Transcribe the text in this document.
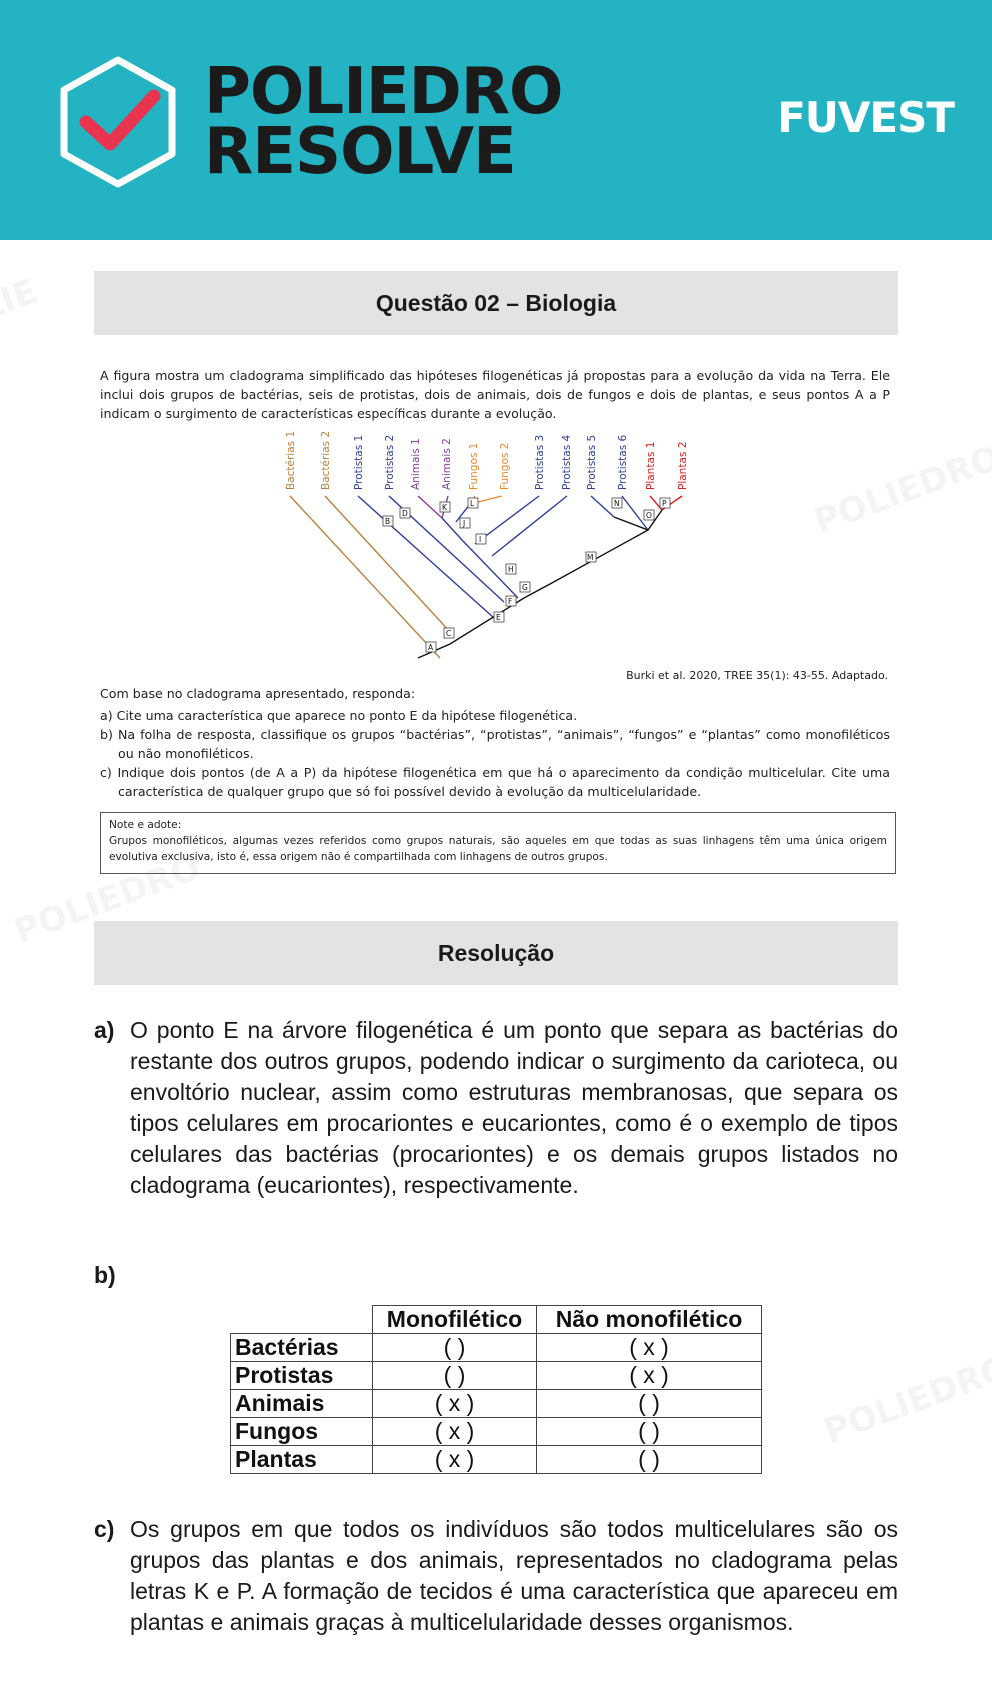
POLIEDRO
RESOLVE	FUVEST
Questão 02 – Biologia

A figura mostra um cladograma simplificado das hipóteses filogenéticas já propostas para a evolução da vida na Terra. Ele inclui dois grupos de bactérias, seis de protistas, dois de animais, dois de fungos e dois de plantas, e seus pontos A a P indicam o surgimento de características específicas durante a evolução.

Bactérias 1 Bactérias 2 Protistas 1 Protistas 2 Animais 1 Animais 2 Fungos 1 Fungos 2 Protistas 3 Protistas 4 Protistas 5 Protistas 6 Plantas 1 Plantas 2
A
B
C
D
E
F
G
H
I
J
K	L
M
N
O
P
Burki et al. 2020, TREE 35(1): 43-55. Adaptado.

Com base no cladograma apresentado, responda:

a) Cite uma característica que aparece no ponto E da hipótese filogenética.
b) Na folha de resposta, classifique os grupos “bactérias”, “protistas”, “animais”, “fungos” e “plantas” como monofiléticos ou não monofiléticos.
c) Indique dois pontos (de A a P) da hipótese filogenética em que há o aparecimento da condição multicelular. Cite uma característica de qualquer grupo que só foi possível devido à evolução da multicelularidade.

Note e adote:

Grupos monofiléticos, algumas vezes referidos como grupos naturais, são aqueles em que todas as suas linhagens têm uma única origem evolutiva exclusiva, isto é, essa origem não é compartilhada com linhagens de outros grupos.

Resolução
a) O ponto E na árvore filogenética é um ponto que separa as bactérias do restante dos outros grupos, podendo indicar o surgimento da carioteca, ou envoltório nuclear, assim como estruturas membranosas, que separa os tipos celulares em procariontes e eucariontes, como é o exemplo de tipos celulares das bactérias (procariontes) e os demais grupos listados no cladograma (eucariontes), respectivamente.

b)
	Monofilético	Não monofilético
Bactérias	( )	( x )
Protistas	( )	( x )
Animais	( x )	( )
Fungos	( x )	( )
Plantas	( x )	( )
c) Os grupos em que todos os indivíduos são todos multicelulares são os grupos das plantas e dos animais, representados no cladograma pelas letras K e P. A formação de tecidos é uma característica que apareceu em plantas e animais graças à multicelularidade desses organismos.
